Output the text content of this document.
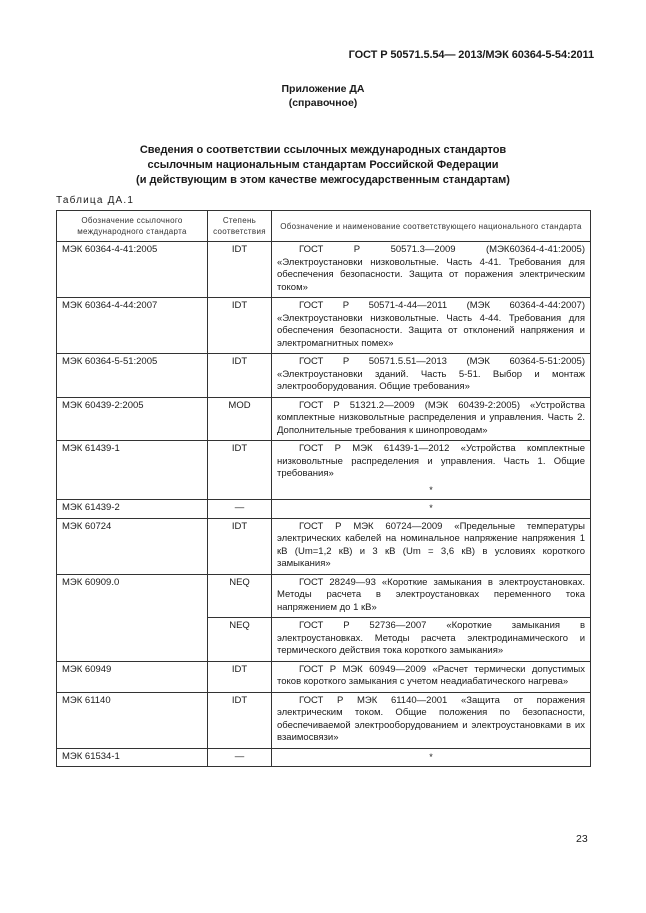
ГОСТ Р 50571.5.54— 2013/МЭК 60364-5-54:2011
Приложение ДА
(справочное)
Сведения о соответствии ссылочных международных стандартов
ссылочным национальным стандартам Российской Федерации
(и действующим в этом качестве межгосударственным стандартам)
Таблица ДА.1
Обозначение ссылочного международного стандарта	Степень соответствия	Обозначение и наименование соответствующего национального стандарта
МЭК 60364-4-41:2005	IDT	ГОСТ Р 50571.3—2009 (МЭК60364-4-41:2005) «Электроустановки низковольтные. Часть 4-41. Требования для обеспечения безопасности. Защита от поражения электрическим током»
МЭК 60364-4-44:2007	IDT	ГОСТ Р 50571-4-44—2011 (МЭК 60364-4-44:2007) «Электроустановки низковольтные. Часть 4-44. Требования для обеспечения безопасности. Защита от отклонений напряжения и электромагнитных помех»
МЭК 60364-5-51:2005	IDT	ГОСТ Р 50571.5.51—2013 (МЭК 60364-5-51:2005) «Электроустановки зданий. Часть 5-51. Выбор и монтаж электрооборудования. Общие требования»
МЭК 60439-2:2005	MOD	ГОСТ Р 51321.2—2009 (МЭК 60439-2:2005) «Устройства комплектные низковольтные распределения и управления. Часть 2. Дополнительные требования к шинопроводам»
МЭК 61439-1	IDT	ГОСТ Р МЭК 61439-1—2012 «Устройства комплектные низковольтные распределения и управления. Часть 1. Общие требования»
*

МЭК 61439-2	—	*

МЭК 60724	IDT	ГОСТ Р МЭК 60724—2009 «Предельные температуры электрических кабелей на номинальное напряжение напряжения 1 кВ (Um=1,2 кВ) и 3 кВ (Um = 3,6 кВ) в условиях короткого замыкания»
МЭК 60909.0	NEQ	ГОСТ 28249—93 «Короткие замыкания в электроустановках. Методы расчета в электроустановках переменного тока напряжением до 1 кВ»
	NEQ	ГОСТ Р 52736—2007 «Короткие замыкания в электроустановках. Методы расчета электродинамического и термического действия тока короткого замыкания»
МЭК 60949	IDT	ГОСТ Р МЭК 60949—2009 «Расчет термически допустимых токов короткого замыкания с учетом неадиабатического нагрева»
МЭК 61140	IDT	ГОСТ Р МЭК 61140—2001 «Защита от поражения электрическим током. Общие положения по безопасности, обеспечиваемой электрооборудованием и электроустановками в их взаимосвязи»
МЭК 61534-1	—	*
23
